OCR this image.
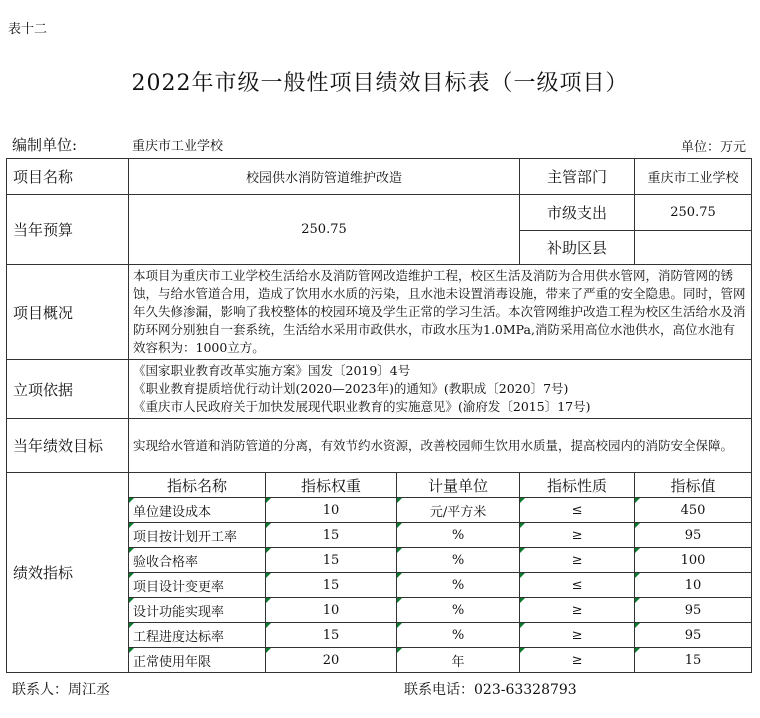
表十二
2022年市级一般性项目绩效目标表（一级项目）
编制单位:	重庆市工业学校	单位：万元
项目名称	校园供水消防管道维护改造			主管部门	重庆市工业学校
当年预算	250.75			市级支出	250.75
				补助区县	
项目概况	本项目为重庆市工业学校生活给水及消防管网改造维护工程，校区生活及消防为合用供水管网，消防管网的锈蚀，与给水管道合用，造成了饮用水水质的污染，且水池未设置消毒设施，带来了严重的安全隐患。同时，管网年久失修渗漏，影响了我校整体的校园环境及学生正常的学习生活。本次管网维护改造工程为校区生活给水及消防环网分别独自一套系统，生活给水采用市政供水，市政水压为1.0MPa,消防采用高位水池供水，高位水池有效容积为：1000立方。				
立项依据	《国家职业教育改革实施方案》国发〔2019〕4号
《职业教育提质培优行动计划(2020—2023年)的通知》(教职成〔2020〕7号)
《重庆市人民政府关于加快发展现代职业教育的实施意见》(渝府发〔2015〕17号)				

当年绩效目标	实现给水管道和消防管道的分离，有效节约水资源，改善校园师生饮用水质量，提高校园内的消防安全保障。				
绩效指标	指标名称	指标权重	计量单位	指标性质	指标值

单位建设成本	10	元/平方米	≤	450

项目按计划开工率	15	%	≥	95

验收合格率	15	%	≥	100

项目设计变更率	15	%	≤	10

设计功能实现率	10	%	≥	95

工程进度达标率	15	%	≥	95

正常使用年限	20	年	≥	15
联系人：周江丞	联系电话：023-63328793
